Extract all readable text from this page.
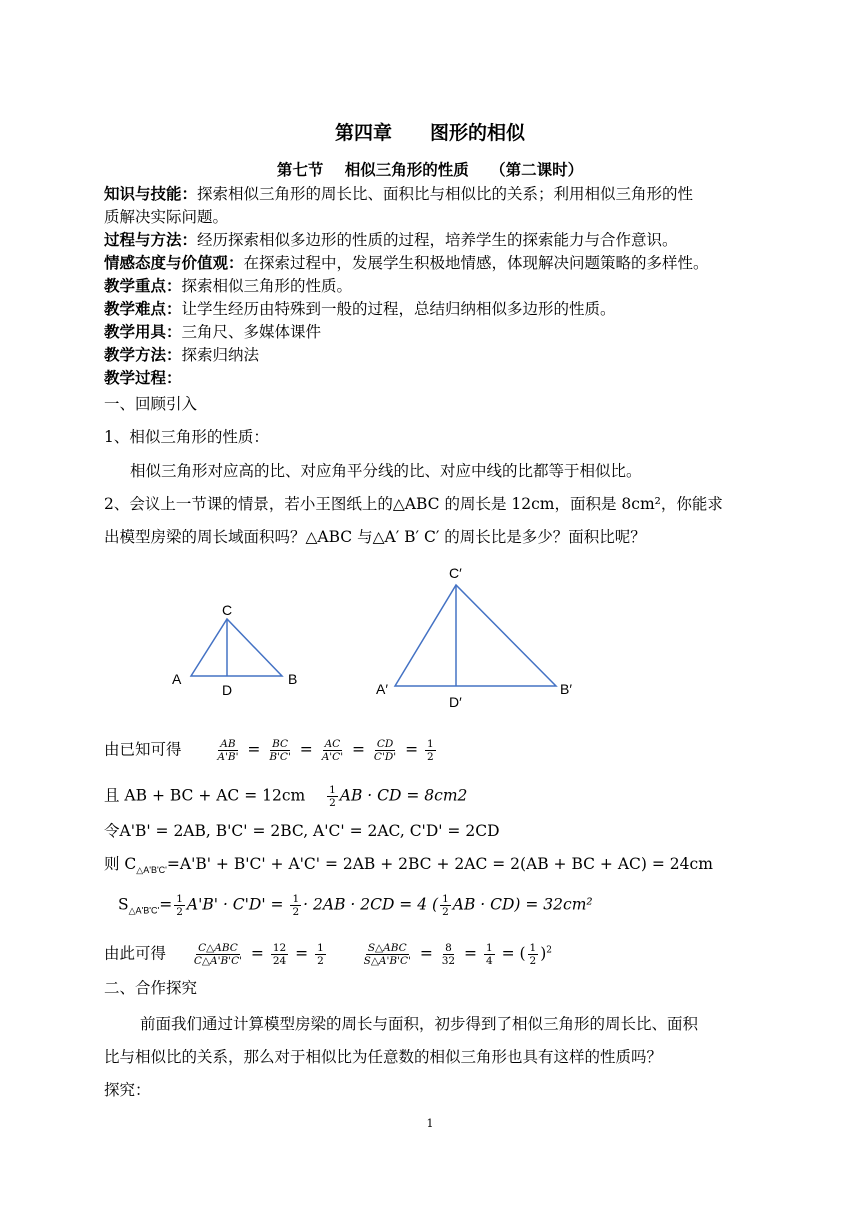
第四章　　图形的相似
第七节 相似三角形的性质 （第二课时）
知识与技能：探索相似三角形的周长比、面积比与相似比的关系；利用相似三角形的性
质解决实际问题。
过程与方法：经历探索相似多边形的性质的过程，培养学生的探索能力与合作意识。
情感态度与价值观：在探索过程中，发展学生积极地情感，体现解决问题策略的多样性。
教学重点：探索相似三角形的性质。
教学难点：让学生经历由特殊到一般的过程，总结归纳相似多边形的性质。
教学用具：三角尺、多媒体课件
教学方法：探索归纳法
教学过程：
一、回顾引入
1、相似三角形的性质：
相似三角形对应高的比、对应角平分线的比、对应中线的比都等于相似比。
2、会议上一节课的情景，若小王图纸上的△ABC 的周长是 12cm，面积是 8cm²，你能求
出模型房梁的周长域面积吗？△ABC 与△A′ B′ C′ 的周长比是多少？面积比呢？
C
A	B
D
C′
A′	B′
D′
由已知可得	$\frac{AB}{A'B'} = \frac{BC}{B'C'} = \frac{AC}{A'C'} = \frac{CD}{C'D'} = \frac{1}{2}$
且 AB + BC + AC = $12cm \frac{1}{2}$ AB · CD = 8cm2
令A'B' = 2AB, B'C' = 2BC, A'C' = 2AC, C'D' = 2CD
则 $C_{\triangle A'B'C'}=A'B' + B'C' + A'C' = 2AB + 2BC + 2AC = 2(AB$ + BC + AC) = 24cm
$S_{\triangle A'B'C'}= \frac{1}{2} A'B' \cdot C'D' = \frac{1}{2} \cdot 2AB \cdot 2CD = 4$ ( $\frac{1}{2}$ AB · CD) = 32cm²
由此可得 $\frac{\text{C△ABC}}{C\triangle A'B'C'} = \frac{12}{24} = \frac{1}{2}$
	$\frac{\text{S△ABC}}{S\triangle A'B'C'} = \frac{8}{32} = \frac{1}{4}$ = ( $\frac{1}{2} )^2$
二、合作探究
前面我们通过计算模型房梁的周长与面积，初步得到了相似三角形的周长比、面积
比与相似比的关系，那么对于相似比为任意数的相似三角形也具有这样的性质吗？
探究：
1
